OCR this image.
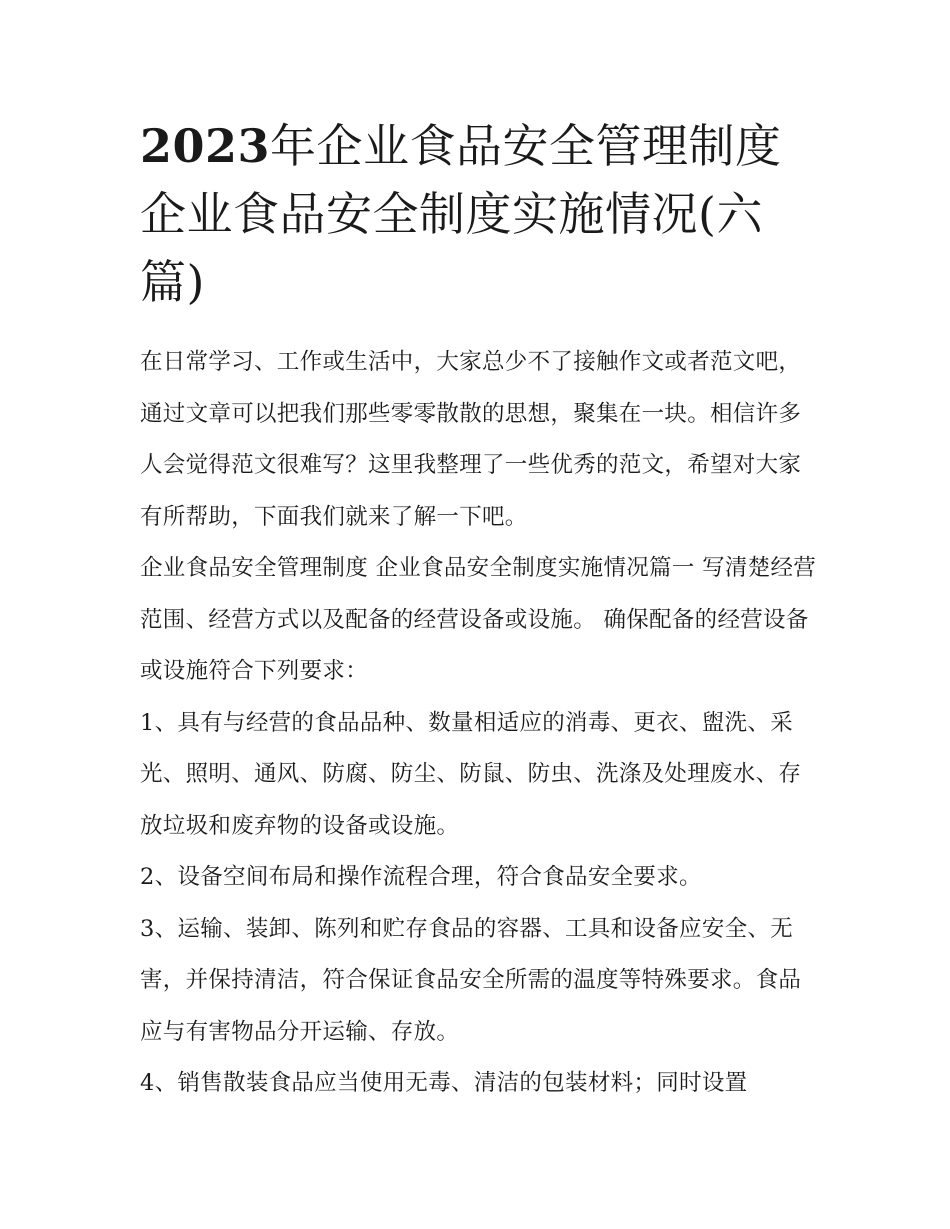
2023年企业食品安全管理制度企业食品安全制度实施情况(六篇)

在日常学习、工作或生活中，大家总少不了接触作文或者范文吧，通过文章可以把我们那些零零散散的思想，聚集在一块。相信许多人会觉得范文很难写？这里我整理了一些优秀的范文，希望对大家有所帮助，下面我们就来了解一下吧。

企业食品安全管理制度 企业食品安全制度实施情况篇一 写清楚经营范围、经营方式以及配备的经营设备或设施。 确保配备的经营设备或设施符合下列要求：

1、具有与经营的食品品种、数量相适应的消毒、更衣、盥洗、采光、照明、通风、防腐、防尘、防鼠、防虫、洗涤及处理废水、存放垃圾和废弃物的设备或设施。

2、设备空间布局和操作流程合理，符合食品安全要求。

3、运输、装卸、陈列和贮存食品的容器、工具和设备应安全、无害，并保持清洁，符合保证食品安全所需的温度等特殊要求。食品应与有害物品分开运输、存放。

4、销售散装食品应当使用无毒、清洁的包装材料；同时设置
